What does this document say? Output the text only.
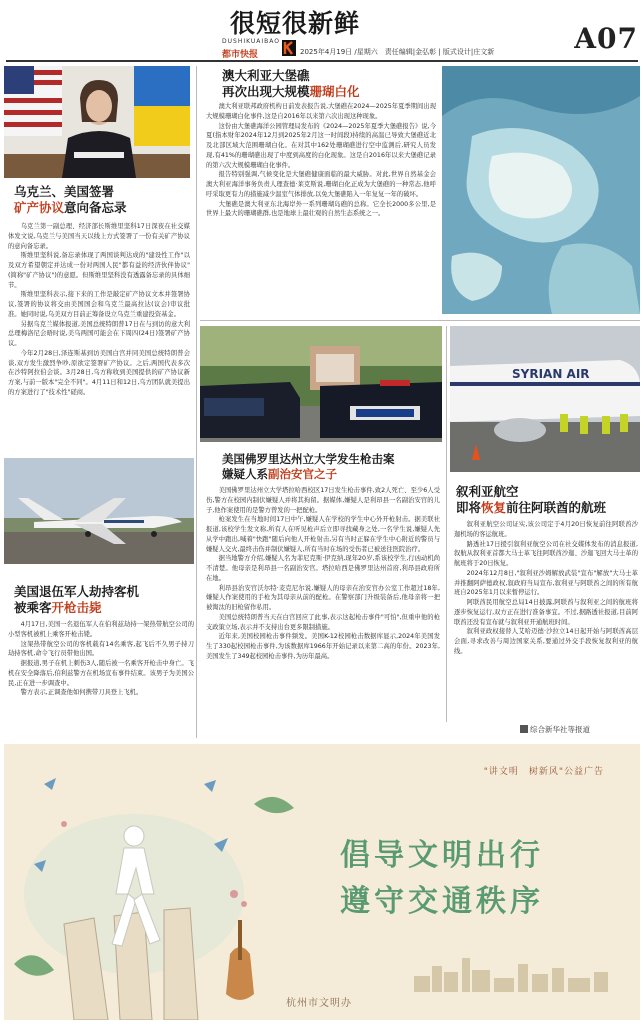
很短很新鲜
DUSHIKUAIBAO
都市快报	2025年4月19日 /星期六　责任编辑|金弘彰 | 版式设计|庄文新	A07
乌克兰、美国签署
矿产协议意向备忘录

乌克兰第一副总理、经济部长斯维里坚科17日深夜在社交媒体发文说,乌克兰与美国当天以线上方式签署了一份有关矿产协议的意向备忘录。

斯维里坚科说,备忘录体现了两国谈判达成的"建设性工作"以及双方希望朝定并达成一份对两国人民"都有益的经济伙伴协议"(简称"矿产协议")的意愿。但斯维里坚科没有透露备忘录的具体细节。

斯维里坚科表示,接下来的工作是敲定矿产协议文本并签署协议,签署的协议将交由美国国会和乌克兰最高拉达(议会)审议批准。她同时说,乌美双方目前正筹备设立乌克兰重建投资基金。

另据乌克兰媒体报道,美国总统特朗普17日在与到访的意大利总理梅洛尼会晤时说,美乌两国可能会在下周四(24日)签署矿产协议。

今年2月28日,泽连斯基到访美国白宫并同美国总统特朗普会谈,双方发生激烈争吵,原欲定签署矿产协议。之后,两国代表多次在沙特阿拉伯会谈。3月28日,乌方称收到美国提供的矿产协议新方案,与前一版本"完全不同"。4月11日和12日,乌方团队就美提出的方案进行了"技术性"磋商。

美国退伍军人劫持客机
被乘客开枪击毙

4月17日,美国一名退伍军人在伯利兹劫持一架热带航空公司的小型客机被机上乘客开枪击毙。

这架热带航空公司的客机载有14名乘客,起飞后不久男子持刀劫持客机,命令飞行员带他出国。

据报道,男子在机上刺伤3人,随后被一名乘客开枪击中身亡。飞机在安全降落后,伯利兹警方在机场宣布事件结束。该男子为美国公民,正在进一步调查中。

警方表示,正调查他如何携带刀具登上飞机。

澳大利亚大堡礁
再次出现大规模珊瑚白化

澳大利亚联邦政府机构日前发表报告说,大堡礁在2024—2025年夏季期间出现大规模珊瑚白化事件,这是自2016年以来第六次出现这种现象。

这份由大堡礁海洋公园管理局发布的《2024—2025年夏季大堡礁报告》说,今夏(指本财年2024年12月到2025年2月这一时间段)持续的高温已导致大堡礁近北及北部区域大范围珊瑚白化。在对其中162处珊瑚礁进行空中监测后,研究人员发现,有41%的珊瑚礁出现了中度到高度的白化现象。这是自2016年以来大堡礁记录的第六次大规模珊瑚白化事件。

报告特别强调,气候变化是大堡礁健康面临的最大威胁。对此,世界自然基金会澳大利亚海洋事务负责人理查德·莱克斯说,珊瑚白化正成为大堡礁的一种常态,他呼吁采取更有力的措施减少温室气体排放,以免大堡礁陷入一年复复一年的破坏。

大堡礁是澳大利亚东北海岸外一系列珊瑚岛礁的总称。它全长2000多公里,是世界上最大的珊瑚礁群,也是地球上最壮观的自然生态系统之一。

美国佛罗里达州立大学发生枪击案
嫌疑人系副治安官之子

美国佛罗里达州立大学塔拉哈西校区17日发生枪击事件,致2人死亡、至少6人受伤,警方在校园内制伏嫌疑人并将其拘留。据媒体,嫌疑人是利昂县一名副治安官的儿子,他作案使用的是警方曾发的一把配枪。

枪案发生在当地时间17日中午,嫌疑人在学校的学生中心外开枪射击。据美联社报道,该校学生发文称,所有人在听见枪声后立即寻找藏身之处,一名学生说,嫌疑人先从学中跑出,喊着"快跑"随后向他人开枪射击,另有当时正躲在学生中心附近的警员与嫌疑人交火,最终击伤并制伏嫌疑人,所有当时在场的受伤者已被送往医院治疗。

据当地警方介绍,嫌疑人名为菲尼克斯·伊克纳,现年20岁,系该校学生,行凶动机尚不清楚。他母亲是利昂县一名副治安官。塔拉哈西是佛罗里达州首府,利昂县政府所在地。

利昂县治安官沃尔特·麦克尼尔说,嫌疑人的母亲在治安官办公室工作超过18年,嫌疑人作案使用的手枪为其母亲从前的配枪。在警察部门升级装备后,他母亲将一把被淘汰的旧枪留作私用。

美国总统特朗普当天在白宫回应了此事,表示这起枪击事件"可怕",但重申他的枪支政策立场,表示并不支持出台更多限制措施。

近年来,美国校园枪击事件频发。美国K-12校园枪击数据库显示,2024年美国发生了330起校园枪击事件,为该数据库1966年开始记录以来第二高的年份。2023年,美国发生了349起校园枪击事件,为历年最高。

SYRIAN AIR
叙利亚航空
即将恢复前往阿联酋的航班

叙利亚航空公司证实,该公司定于4月20日恢复前往阿联酋沙迦机场的客运航班。

路透社17日援引叙利亚航空公司在社交媒体发布的消息报道,叙航从叙利亚首都大马士革飞往阿联酋沙迦、沙迦飞回大马士革的航班将于20日恢复。

2024年12月8日,"叙利亚沙姆解放武装"宣布"解放"大马士革并推翻阿萨德政权,叙政府当局宣布,叙利亚与阿联酋之间的所有航班自2025年1月以来暂停运行。

阿联酋民用航空总局14日披露,阿联酋与叙利亚之间的航班将逐步恢复运行,双方正在进行准备事宜。不过,据路透社报道,目前阿联酋还没有宣布就与叙利亚开通航班时间。

叙利亚政权接替人艾哈迈德·沙拉立14日起开始与阿联酋高层会面,寻求改善与周边国家关系,要通过外交手段恢复叙利亚的航线。

综合新华社等报道
"讲文明　树新风"公益广告
倡导文明出行
遵守交通秩序
杭州市文明办
